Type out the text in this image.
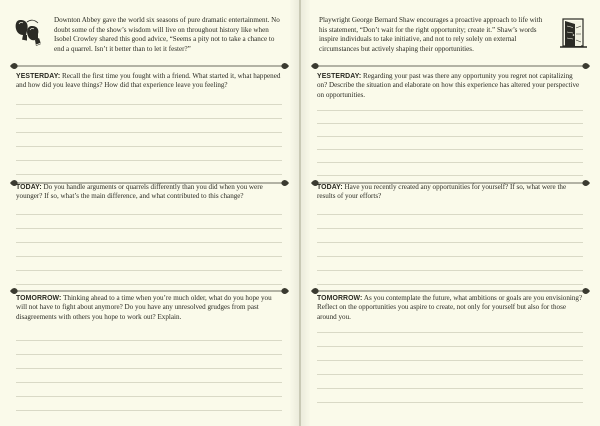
Downton Abbey gave the world six seasons of pure dramatic entertainment. No doubt some of the show’s wisdom will live on throughout history like when Isobel Crowley shared this good advice, “Seems a pity not to take a chance to end a quarrel. Isn’t it better than to let it fester?”
YESTERDAY: Recall the first time you fought with a friend. What started it, what happened and how did you leave things? How did that experience leave you feeling?
TODAY: Do you handle arguments or quarrels differently than you did when you were younger? If so, what’s the main difference, and what contributed to this change?
TOMORROW: Thinking ahead to a time when you’re much older, what do you hope you will not have to fight about anymore? Do you have any unresolved grudges from past disagreements with others you hope to work out? Explain.
Playwright George Bernard Shaw encourages a proactive approach to life with his statement, “Don’t wait for the right opportunity; create it.” Shaw’s words inspire individuals to take initiative, and not to rely solely on external circumstances but actively shaping their opportunities.
YESTERDAY: Regarding your past was there any opportunity you regret not capitalizing on? Describe the situation and elaborate on how this experience has altered your perspective on opportunities.
TODAY: Have you recently created any opportunities for yourself? If so, what were the results of your efforts?
TOMORROW: As you contemplate the future, what ambitions or goals are you envisioning? Reflect on the opportunities you aspire to create, not only for yourself but also for those around you.
